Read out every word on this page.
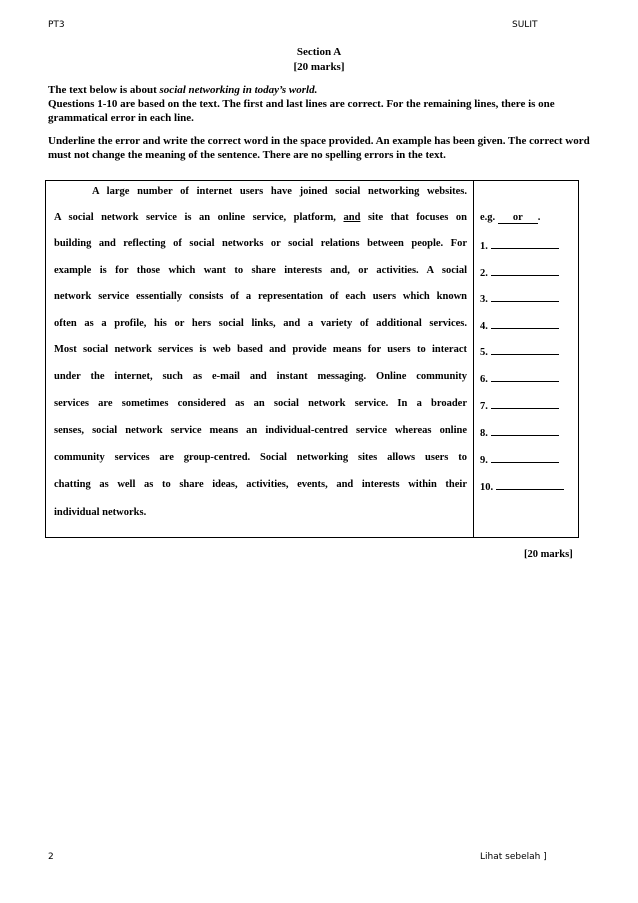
PT3	SULIT
Section A
[20 marks]
The text below is about social networking in today’s world.
Questions 1-10 are based on the text. The first and last lines are correct. For the remaining lines, there is one grammatical error in each line.
Underline the error and write the correct word in the space provided. An example has been given. The correct word must not change the meaning of the sentence. There are no spelling errors in the text.
A large number of internet users have joined social networking websites.
A social network service is an online service, platform, and site that focuses on
building and reflecting of social networks or social relations between people. For
example is for those which want to share interests and, or activities. A social
network service essentially consists of a representation of each users which known
often as a profile, his or hers social links, and a variety of additional services.
Most social network services is web based and provide means for users to interact
under the internet, such as e-mail and instant messaging. Online community
services are sometimes considered as an social network service. In a broader
senses, social network service means an individual-centred service whereas online
community services are group-centred. Social networking sites allows users to
chatting as well as to share ideas, activities, events, and interests within their
individual networks.
e.g. or .
1.
2.
3.
4.
5.
6.
7.
8.
9.
10.
[20 marks]
2	Lihat sebelah ]
